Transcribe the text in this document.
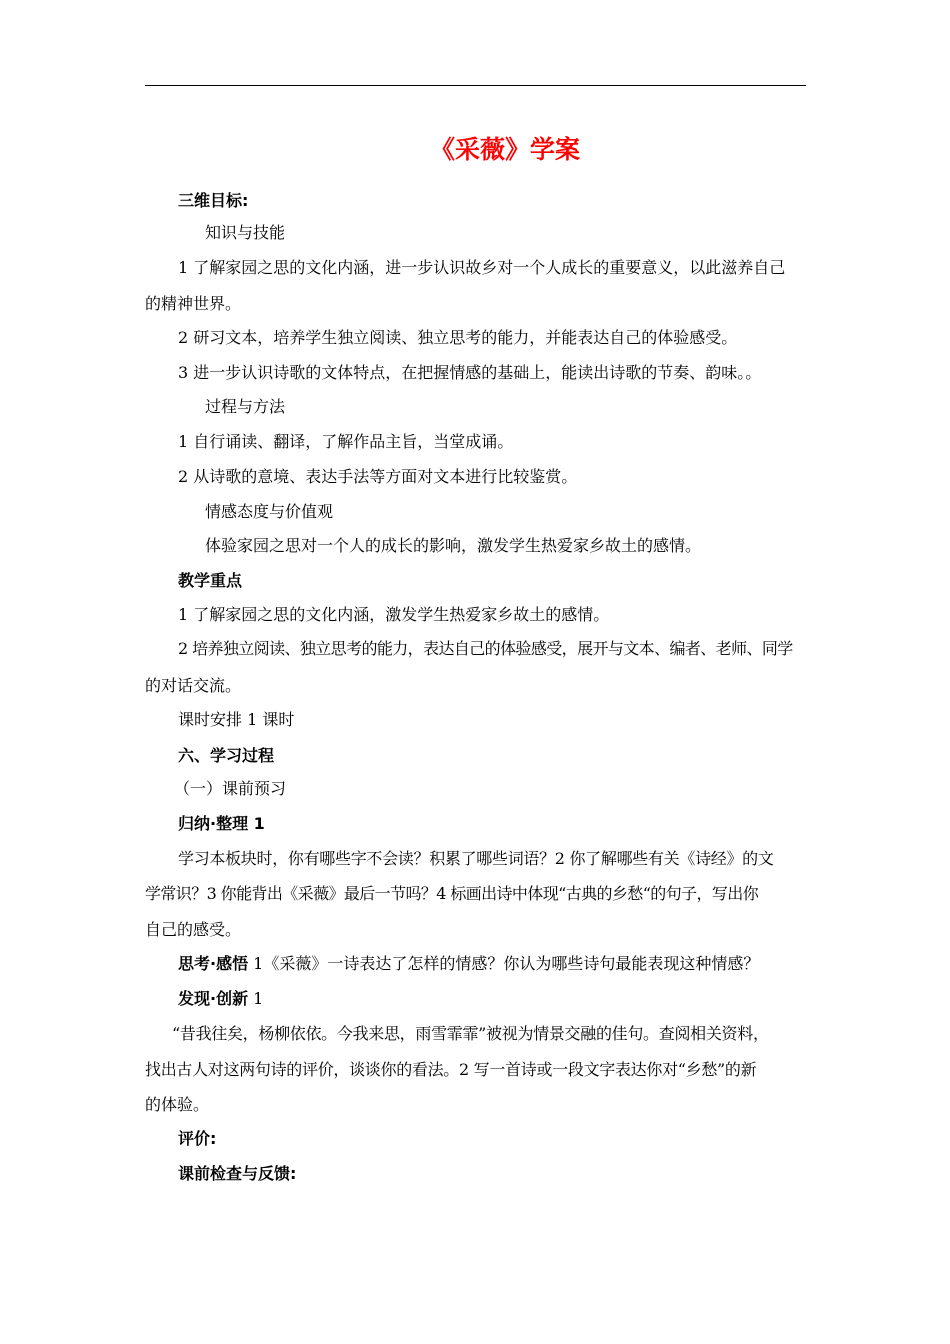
《采薇》学案
三维目标:
知识与技能
1 了解家园之思的文化内涵，进一步认识故乡对一个人成长的重要意义，以此滋养自己
的精神世界。
2 研习文本，培养学生独立阅读、独立思考的能力，并能表达自己的体验感受。
3 进一步认识诗歌的文体特点，在把握情感的基础上，能读出诗歌的节奏、韵味。。
过程与方法
1 自行诵读、翻译，了解作品主旨，当堂成诵。
2 从诗歌的意境、表达手法等方面对文本进行比较鉴赏。
情感态度与价值观
体验家园之思对一个人的成长的影响，激发学生热爱家乡故土的感情。
教学重点
1 了解家园之思的文化内涵，激发学生热爱家乡故土的感情。
2 培养独立阅读、独立思考的能力，表达自己的体验感受，展开与文本、编者、老师、同学
的对话交流。
课时安排 1 课时
六、学习过程
（一）课前预习
归纳·整理 1
学习本板块时，你有哪些字不会读？积累了哪些词语？2 你了解哪些有关《诗经》的文
学常识？3 你能背出《采薇》最后一节吗？4 标画出诗中体现“古典的乡愁“的句子，写出你
自己的感受。
思考·感悟 1《采薇》一诗表达了怎样的情感？你认为哪些诗句最能表现这种情感？
发现·创新 1
“昔我往矣，杨柳依依。今我来思，雨雪霏霏”被视为情景交融的佳句。查阅相关资料，
找出古人对这两句诗的评价，谈谈你的看法。2 写一首诗或一段文字表达你对“乡愁”的新
的体验。
评价:
课前检查与反馈:
